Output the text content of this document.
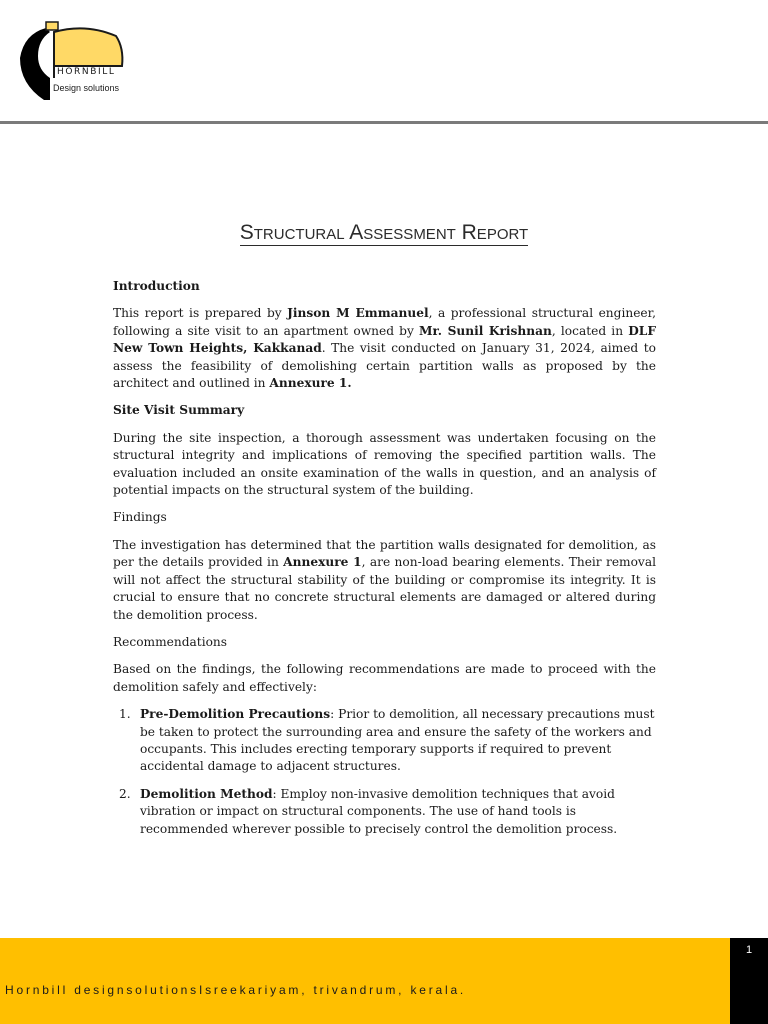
HORNBILL
Design solutions
Structural Assessment Report

Introduction

This report is prepared by Jinson M Emmanuel, a professional structural engineer, following a site visit to an apartment owned by Mr. Sunil Krishnan, located in DLF New Town Heights, Kakkanad. The visit conducted on January 31, 2024, aimed to assess the feasibility of demolishing certain partition walls as proposed by the architect and outlined in Annexure 1.

Site Visit Summary

During the site inspection, a thorough assessment was undertaken focusing on the structural integrity and implications of removing the specified partition walls. The evaluation included an onsite examination of the walls in question, and an analysis of potential impacts on the structural system of the building.

Findings

The investigation has determined that the partition walls designated for demolition, as per the details provided in Annexure 1, are non-load bearing elements. Their removal will not affect the structural stability of the building or compromise its integrity. It is crucial to ensure that no concrete structural elements are damaged or altered during the demolition process.

Recommendations

Based on the findings, the following recommendations are made to proceed with the demolition safely and effectively:

1. Pre-Demolition Precautions: Prior to demolition, all necessary precautions must be taken to protect the surrounding area and ensure the safety of the workers and occupants. This includes erecting temporary supports if required to prevent accidental damage to adjacent structures.
2. Demolition Method: Employ non-invasive demolition techniques that avoid vibration or impact on structural components. The use of hand tools is recommended wherever possible to precisely control the demolition process.
Hornbill designsolutionsIsreekariyam, trivandrum, kerala.
1
